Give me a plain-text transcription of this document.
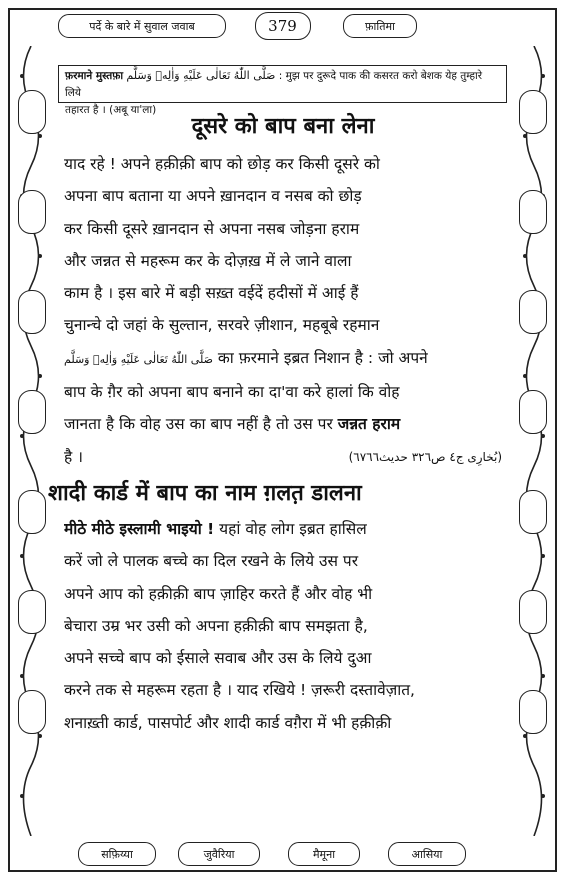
पर्दे के बारे में सुवाल जवाब	379	फ़ातिमा
फ़रमाने मुस्तफ़ा صَلَّى اللّٰهُ تَعَالٰى عَلَيْهِ وَاٰلِهٖ وَسَلَّم : मुझ पर दुरूदे पाक की कसरत करो बेशक येह तुम्हारे लिये
तहारत है । (अबू या'ला)
दूसरे को बाप बना लेना
याद रहे ! अपने हक़ीक़ी बाप को छोड़ कर किसी दूसरे को
अपना बाप बताना या अपने ख़ानदान व नसब को छोड़
कर किसी दूसरे ख़ानदान से अपना नसब जोड़ना हराम
और जन्नत से महरूम कर के दोज़ख़ में ले जाने वाला
काम है । इस बारे में बड़ी सख़्त वईदें हदीसों में आई हैं
चुनान्चे दो जहां के सुल्तान, सरवरे ज़ीशान, महबूबे रहमान
صَلَّى اللّٰهُ تَعَالٰى عَلَيْهِ وَاٰلِهٖ وَسَلَّم का फ़रमाने इब्रत निशान है : जो अपने
बाप के ग़ैर को अपना बाप बनाने का दा'वा करे हालां कि वोह
जानता है कि वोह उस का बाप नहीं है तो उस पर जन्नत हराम
है ।	(بُخارِی ج٤ ص٣٢٦ حدیث٦٧٦٦)
शादी कार्ड में बाप का नाम ग़लत़ डालना
मीठे मीठे इस्लामी भाइयो ! यहां वोह लोग इब्रत हासिल
करें जो ले पालक बच्चे का दिल रखने के लिये उस पर
अपने आप को हक़ीक़ी बाप ज़ाहिर करते हैं और वोह भी
बेचारा उम्र भर उसी को अपना हक़ीक़ी बाप समझता है,
अपने सच्चे बाप को ईसाले सवाब और उस के लिये दुआ
करने तक से महरूम रहता है । याद रखिये ! ज़रूरी दस्तावेज़ात,
शनाख़्ती कार्ड, पासपोर्ट और शादी कार्ड वग़ैरा में भी हक़ीक़ी
सफ़िय्या	जुवैरिया	मैमूना	आसिया
